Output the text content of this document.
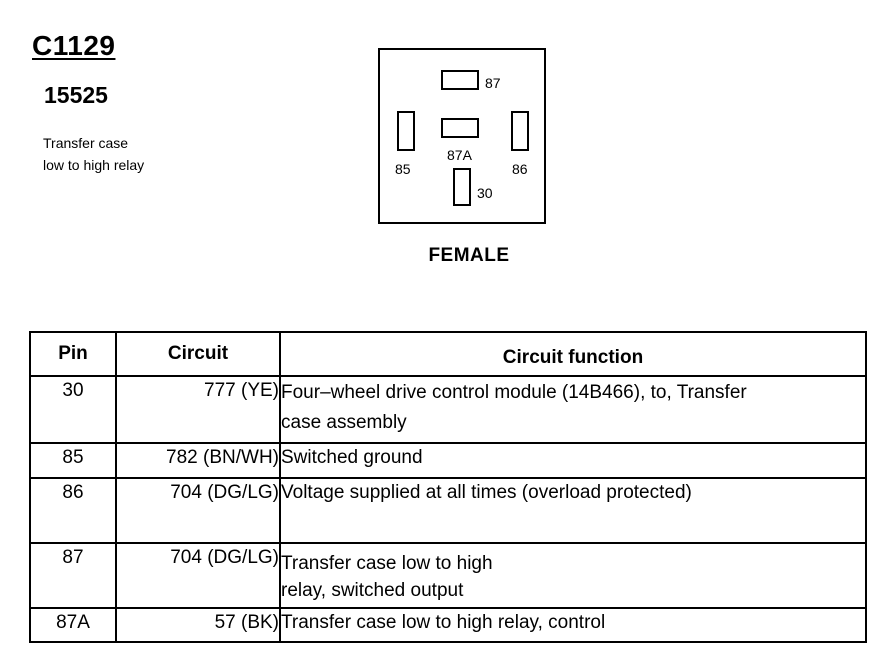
C1129
15525
Transfer case
low to high relay
87
85
87A
86
30
FEMALE
Pin	Circuit	Circuit function
30	777 (YE)	Four–wheel drive control module (14B466), to, Transfer
case assembly

85	782 (BN/WH)	Switched ground

86	704 (DG/LG)	Voltage supplied at all times (overload protected)

87	704 (DG/LG)	Transfer case low to high
relay, switched output

87A	57 (BK)	Transfer case low to high relay, control
